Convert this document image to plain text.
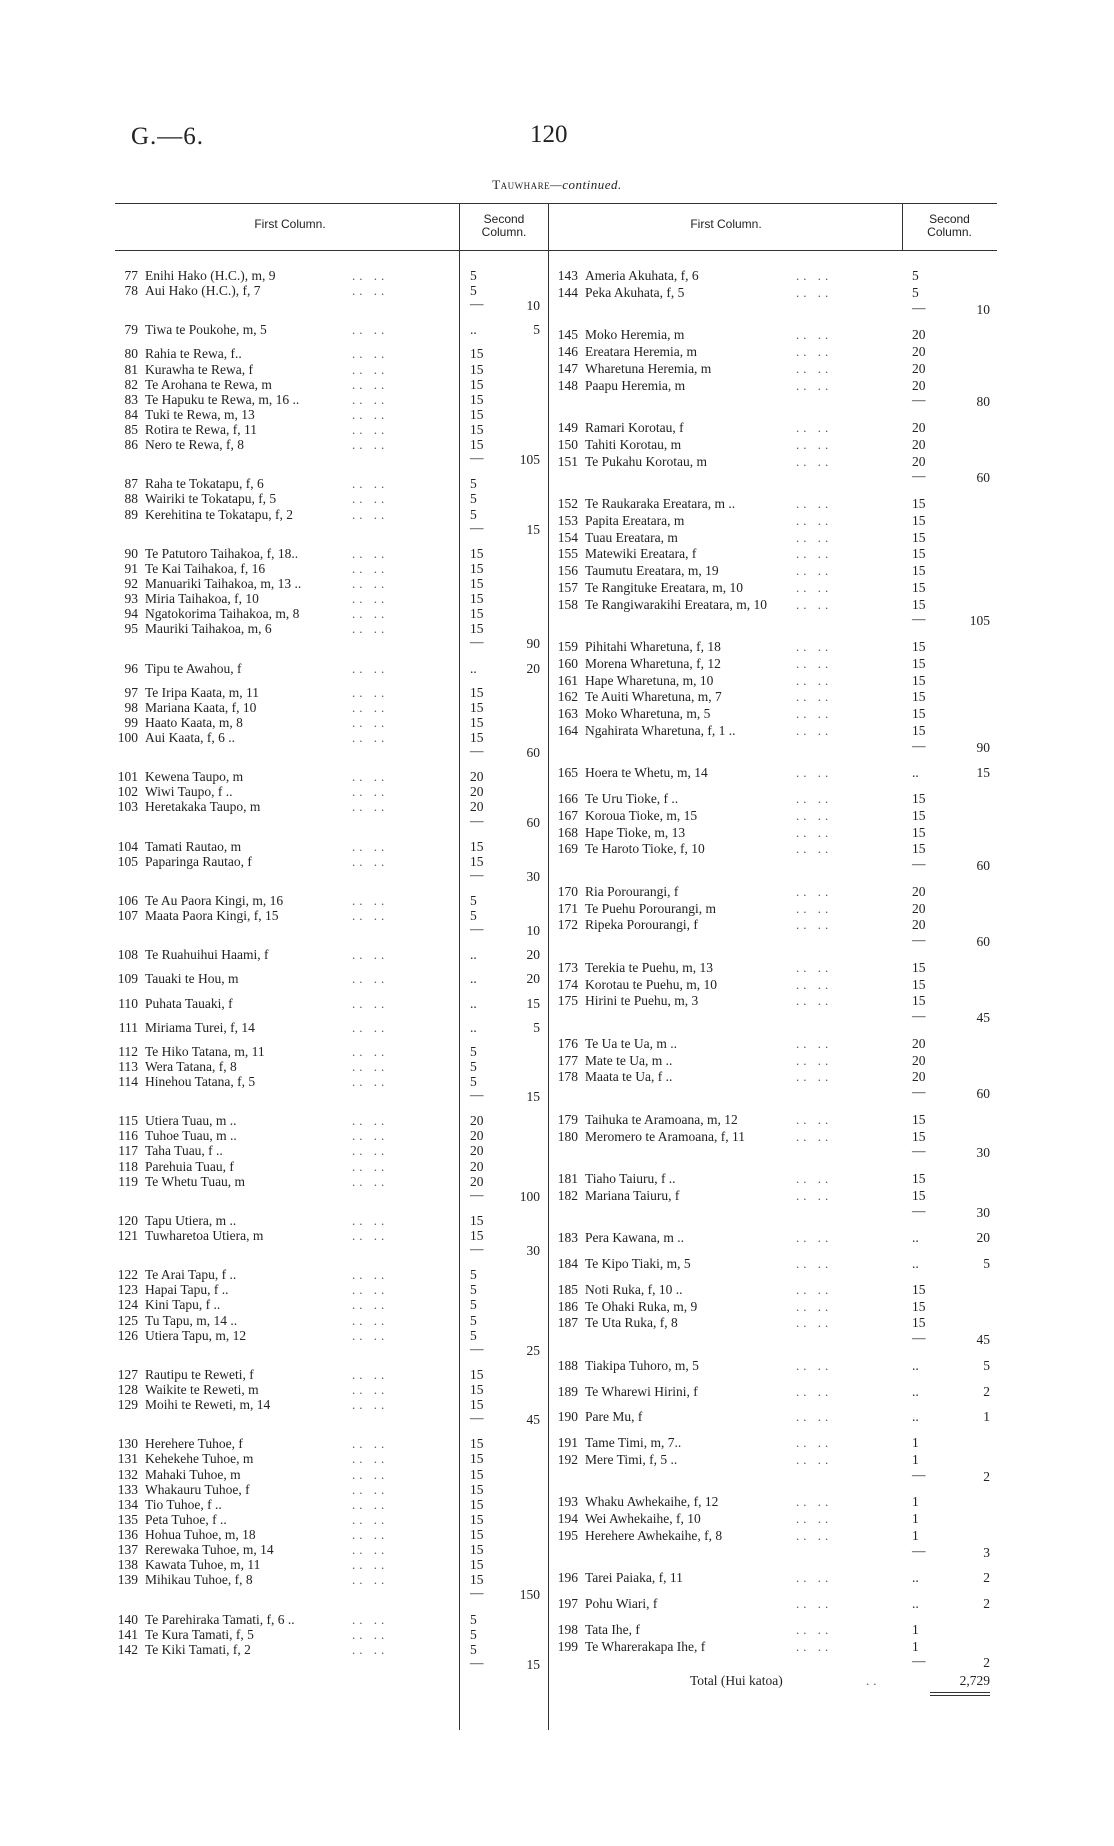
G.—6.	120
Tauwhare—continued.
First Column.	Second
Column.
First Column.	Second
Column.
77 Enihi Hako (H.C.), m, 9	.. ..	5
78 Aui Hako (H.C.), f, 7	.. ..	5
—	10
79 Tiwa te Poukohe, m, 5	.. ..	..	5
80 Rahia te Rewa, f..	.. ..	15
81 Kurawha te Rewa, f	.. ..	15
82 Te Arohana te Rewa, m	.. ..	15
83 Te Hapuku te Rewa, m, 16 ..	.. ..	15
84 Tuki te Rewa, m, 13	.. ..	15
85 Rotira te Rewa, f, 11	.. ..	15
86 Nero te Rewa, f, 8	.. ..	15
—	105
87 Raha te Tokatapu, f, 6	.. ..	5
88 Wairiki te Tokatapu, f, 5	.. ..	5
89 Kerehitina te Tokatapu, f, 2	.. ..	5
—	15
90 Te Patutoro Taihakoa, f, 18..	.. ..	15
91 Te Kai Taihakoa, f, 16	.. ..	15
92 Manuariki Taihakoa, m, 13 ..	.. ..	15
93 Miria Taihakoa, f, 10	.. ..	15
94 Ngatokorima Taihakoa, m, 8	.. ..	15
95 Mauriki Taihakoa, m, 6	.. ..	15
—	90
96 Tipu te Awahou, f	.. ..	..	20
97 Te Iripa Kaata, m, 11	.. ..	15
98 Mariana Kaata, f, 10	.. ..	15
99 Haato Kaata, m, 8	.. ..	15
100 Aui Kaata, f, 6 ..	.. ..	15
—	60
101 Kewena Taupo, m	.. ..	20
102 Wiwi Taupo, f ..	.. ..	20
103 Heretakaka Taupo, m	.. ..	20
—	60
104 Tamati Rautao, m	.. ..	15
105 Paparinga Rautao, f	.. ..	15
—	30
106 Te Au Paora Kingi, m, 16	.. ..	5
107 Maata Paora Kingi, f, 15	.. ..	5
—	10
108 Te Ruahuihui Haami, f	.. ..	..	20
109 Tauaki te Hou, m	.. ..	..	20
110 Puhata Tauaki, f	.. ..	..	15
111 Miriama Turei, f, 14	.. ..	..	5
112 Te Hiko Tatana, m, 11	.. ..	5
113 Wera Tatana, f, 8	.. ..	5
114 Hinehou Tatana, f, 5	.. ..	5
—	15
115 Utiera Tuau, m ..	.. ..	20
116 Tuhoe Tuau, m ..	.. ..	20
117 Taha Tuau, f ..	.. ..	20
118 Parehuia Tuau, f	.. ..	20
119 Te Whetu Tuau, m	.. ..	20
—	100
120 Tapu Utiera, m ..	.. ..	15
121 Tuwharetoa Utiera, m	.. ..	15
—	30
122 Te Arai Tapu, f ..	.. ..	5
123 Hapai Tapu, f ..	.. ..	5
124 Kini Tapu, f ..	.. ..	5
125 Tu Tapu, m, 14 ..	.. ..	5
126 Utiera Tapu, m, 12	.. ..	5
—	25
127 Rautipu te Reweti, f	.. ..	15
128 Waikite te Reweti, m	.. ..	15
129 Moihi te Reweti, m, 14	.. ..	15
—	45
130 Herehere Tuhoe, f	.. ..	15
131 Kehekehe Tuhoe, m	.. ..	15
132 Mahaki Tuhoe, m	.. ..	15
133 Whakauru Tuhoe, f	.. ..	15
134 Tio Tuhoe, f ..	.. ..	15
135 Peta Tuhoe, f ..	.. ..	15
136 Hohua Tuhoe, m, 18	.. ..	15
137 Rerewaka Tuhoe, m, 14	.. ..	15
138 Kawata Tuhoe, m, 11	.. ..	15
139 Mihikau Tuhoe, f, 8	.. ..	15
—	150
140 Te Parehiraka Tamati, f, 6 ..	.. ..	5
141 Te Kura Tamati, f, 5	.. ..	5
142 Te Kiki Tamati, f, 2	.. ..	5
—	15
143 Ameria Akuhata, f, 6	.. ..	5
144 Peka Akuhata, f, 5	.. ..	5
—	10
145 Moko Heremia, m	.. ..	20
146 Ereatara Heremia, m	.. ..	20
147 Wharetuna Heremia, m	.. ..	20
148 Paapu Heremia, m	.. ..	20
—	80
149 Ramari Korotau, f	.. ..	20
150 Tahiti Korotau, m	.. ..	20
151 Te Pukahu Korotau, m	.. ..	20
—	60
152 Te Raukaraka Ereatara, m ..	.. ..	15
153 Papita Ereatara, m	.. ..	15
154 Tuau Ereatara, m	.. ..	15
155 Matewiki Ereatara, f	.. ..	15
156 Taumutu Ereatara, m, 19	.. ..	15
157 Te Rangituke Ereatara, m, 10	.. ..	15
158 Te Rangiwarakihi Ereatara, m, 10 .. ..	15
—	105
159 Pihitahi Wharetuna, f, 18	.. ..	15
160 Morena Wharetuna, f, 12	.. ..	15
161 Hape Wharetuna, m, 10	.. ..	15
162 Te Auiti Wharetuna, m, 7	.. ..	15
163 Moko Wharetuna, m, 5	.. ..	15
164 Ngahirata Wharetuna, f, 1 ..	.. ..	15
—	90
165 Hoera te Whetu, m, 14	.. ..	..	15
166 Te Uru Tioke, f ..	.. ..	15
167 Koroua Tioke, m, 15	.. ..	15
168 Hape Tioke, m, 13	.. ..	15
169 Te Haroto Tioke, f, 10	.. ..	15
—	60
170 Ria Porourangi, f	.. ..	20
171 Te Puehu Porourangi, m	.. ..	20
172 Ripeka Porourangi, f	.. ..	20
—	60
173 Terekia te Puehu, m, 13	.. ..	15
174 Korotau te Puehu, m, 10	.. ..	15
175 Hirini te Puehu, m, 3	.. ..	15
—	45
176 Te Ua te Ua, m ..	.. ..	20
177 Mate te Ua, m ..	.. ..	20
178 Maata te Ua, f ..	.. ..	20
—	60
179 Taihuka te Aramoana, m, 12	.. ..	15
180 Meromero te Aramoana, f, 11	.. ..	15
—	30
181 Tiaho Taiuru, f ..	.. ..	15
182 Mariana Taiuru, f	.. ..	15
—	30
183 Pera Kawana, m ..	.. ..	..	20
184 Te Kipo Tiaki, m, 5	.. ..	..	5
185 Noti Ruka, f, 10 ..	.. ..	15
186 Te Ohaki Ruka, m, 9	.. ..	15
187 Te Uta Ruka, f, 8	.. ..	15
—	45
188 Tiakipa Tuhoro, m, 5	.. ..	..	5
189 Te Wharewi Hirini, f	.. ..	..	2
190 Pare Mu, f	.. ..	..	1
191 Tame Timi, m, 7..	.. ..	1
192 Mere Timi, f, 5 ..	.. ..	1
—	2
193 Whaku Awhekaihe, f, 12	.. ..	1
194 Wei Awhekaihe, f, 10	.. ..	1
195 Herehere Awhekaihe, f, 8	.. ..	1
—	3
196 Tarei Paiaka, f, 11	.. ..	..	2
197 Pohu Wiari, f	.. ..	..	2
198 Tata Ihe, f	.. ..	1
199 Te Wharerakapa Ihe, f	.. ..	1
—	2
Total (Hui katoa)	..	2,729
